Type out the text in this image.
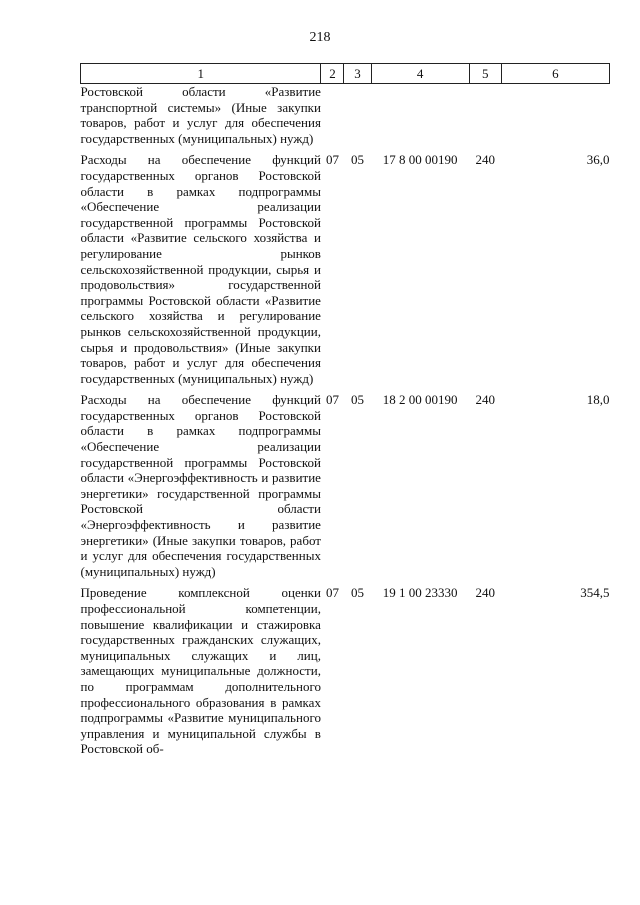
218
1	2	3	4	5	6
Ростовской области «Развитие транспортной системы» (Иные закупки товаров, работ и услуг для обеспечения государственных (муниципальных) нужд)					
Расходы на обеспечение функций государственных органов Ростовской области в рамках подпрограммы «Обеспечение реализации государственной программы Ростовской области «Развитие сельского хозяйства и регулирование рынков сельскохозяйственной продукции, сырья и продовольствия» государственной программы Ростовской области «Развитие сельского хозяйства и регулирование рынков сельскохозяйственной продукции, сырья и продовольствия» (Иные закупки товаров, работ и услуг для обеспечения государственных (муниципальных) нужд)	07	05	17 8 00 00190	240	36,0
Расходы на обеспечение функций государственных органов Ростовской области в рамках подпрограммы «Обеспечение реализации государственной программы Ростовской области «Энергоэффективность и развитие энергетики» государственной программы Ростовской области «Энергоэффективность и развитие энергетики» (Иные закупки товаров, работ и услуг для обеспечения государственных (муниципальных) нужд)	07	05	18 2 00 00190	240	18,0
Проведение комплексной оценки профессиональной компетенции, повышение квалификации и стажировка государственных гражданских служащих, муниципальных служащих и лиц, замещающих муниципальные должности, по программам дополнительного профессионального образования в рамках подпрограммы «Развитие муниципального управления и муниципальной службы в Ростовской об-	07	05	19 1 00 23330	240	354,5
